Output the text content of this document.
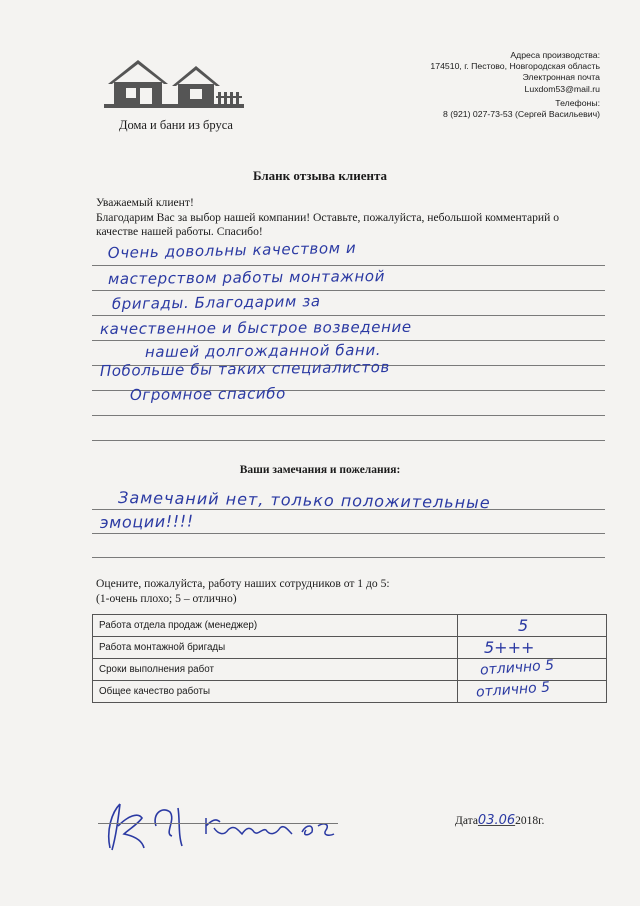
Дома и бани из бруса
Адреса производства:
174510, г. Пестово, Новгородская область
Электронная почта
Luxdom53@mail.ru
Телефоны:
8 (921) 027-73-53 (Сергей Васильевич)
Бланк отзыва клиента
Уважаемый клиент!
Благодарим Вас за выбор нашей компании! Оставьте, пожалуйста, небольшой комментарий о качестве нашей работы. Спасибо!
Очень довольны качеством и
мастерством работы монтажной
бригады. Благодарим за
качественное и быстрое возведение
нашей долгожданной бани.
Побольше бы таких специалистов
Огромное спасибо
Ваши замечания и пожелания:
Замечаний нет, только положительные
эмоции!!!!
Оцените, пожалуйста, работу наших сотрудников от 1 до 5:
(1-очень плохо; 5 – отлично)
Работа отдела продаж (менеджер)	5

Работа монтажной бригады	5+++

Сроки выполнения работ	отлично 5

Общее качество работы	отлично 5
Дата03.062018г.
